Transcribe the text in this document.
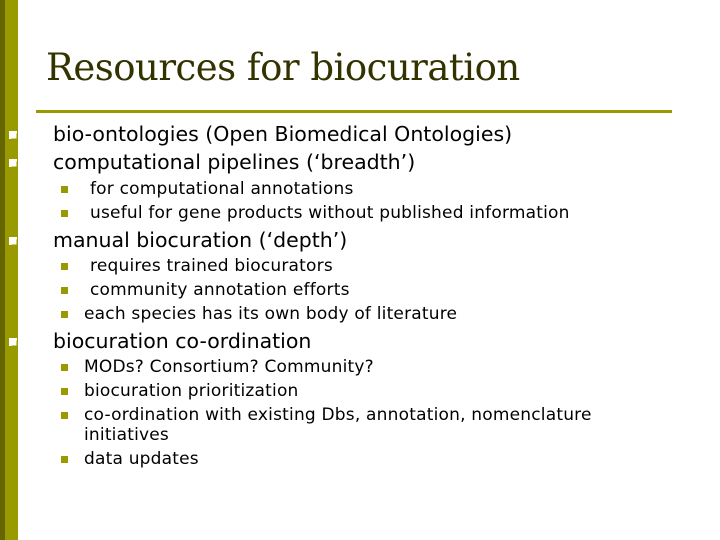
Resources for biocuration
bio-ontologies (Open Biomedical Ontologies)
computational pipelines (‘breadth’)
for computational annotations
useful for gene products without published information
manual biocuration (‘depth’)
requires trained biocurators
community annotation efforts
each species has its own body of literature
biocuration co-ordination
MODs? Consortium? Community?
biocuration prioritization
co-ordination with existing Dbs, annotation, nomenclature
initiatives
data updates
